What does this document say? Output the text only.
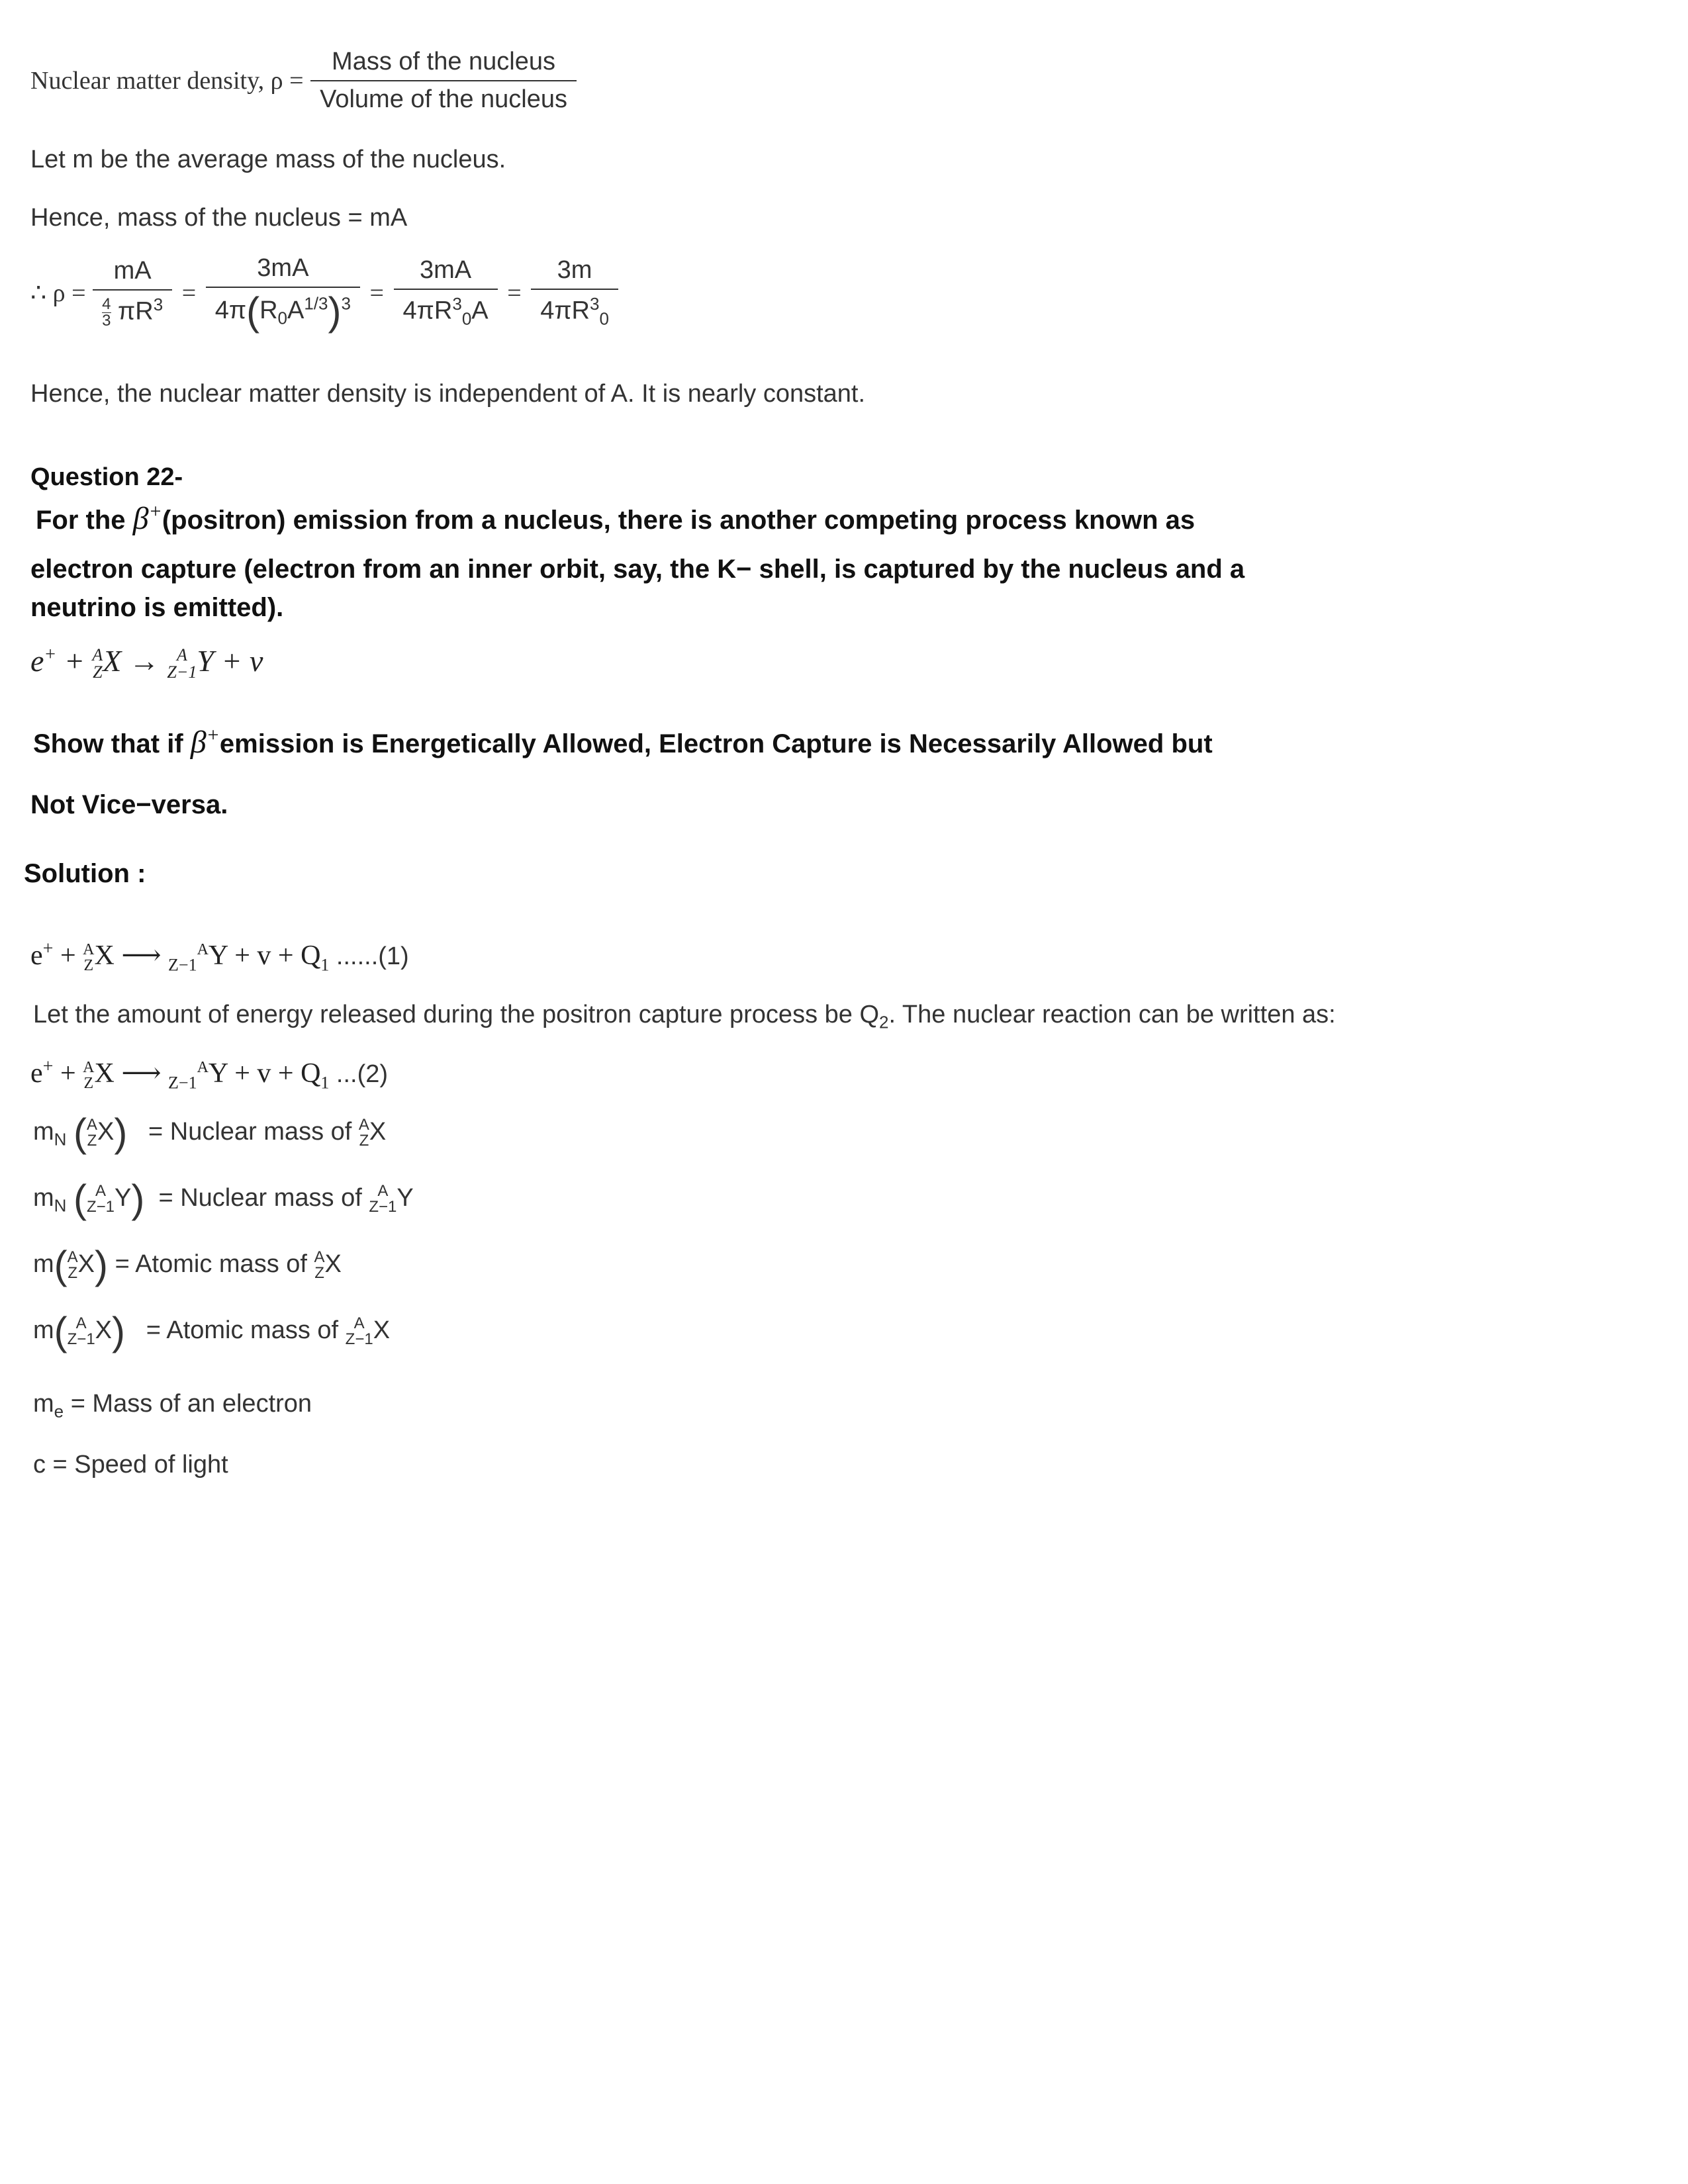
Nuclear matter density, $\rho = \frac{\text{Mass of the nucleus}}{\text{Volume of the nucleus}}$
Let m be the average mass of the nucleus.
Hence, mass of the nucleus = mA
∴ $\rho = \frac{mA}{\frac{4}{3} \pi R^3} = \frac{3mA}{4\pi(R_0A^{1/3})^3} = \frac{3mA}{4\pi R^3_0A} = \frac{3m}{4\pi R^3_0}$
Hence, the nuclear matter density is independent of A. It is nearly constant.
Question 22-
For the β+(positron) emission from a nucleus, there is another competing process known as
electron capture (electron from an inner orbit, say, the K− shell, is captured by the nucleus and a
neutrino is emitted).
e+ + A
Z X → A
Z−1 Y + ν
Show that if β+emission is Energetically Allowed, Electron Capture is Necessarily Allowed but
Not Vice−versa.
Solution :
e+ + A
Z X ⟶ $_{Z-1}$
A
$Y + v + Q_1$ ......(1)
Let the amount of energy released during the positron capture process be $Q_2$. The nuclear reaction can be written as:
e+ + A
Z X ⟶ $_{Z-1}$
A
$Y + v + Q_1$ ...(2)
$m_N$ ( A
Z X) = Nuclear mass of A
Z X
$m_N$ ( A
Z−1 Y) = Nuclear mass of A
Z−1 Y
m( A
Z X) = Atomic mass of A
Z X
m( A
Z−1 X) = Atomic mass of A
Z−1 X
$m_e$ = Mass of an electron
c = Speed of light
